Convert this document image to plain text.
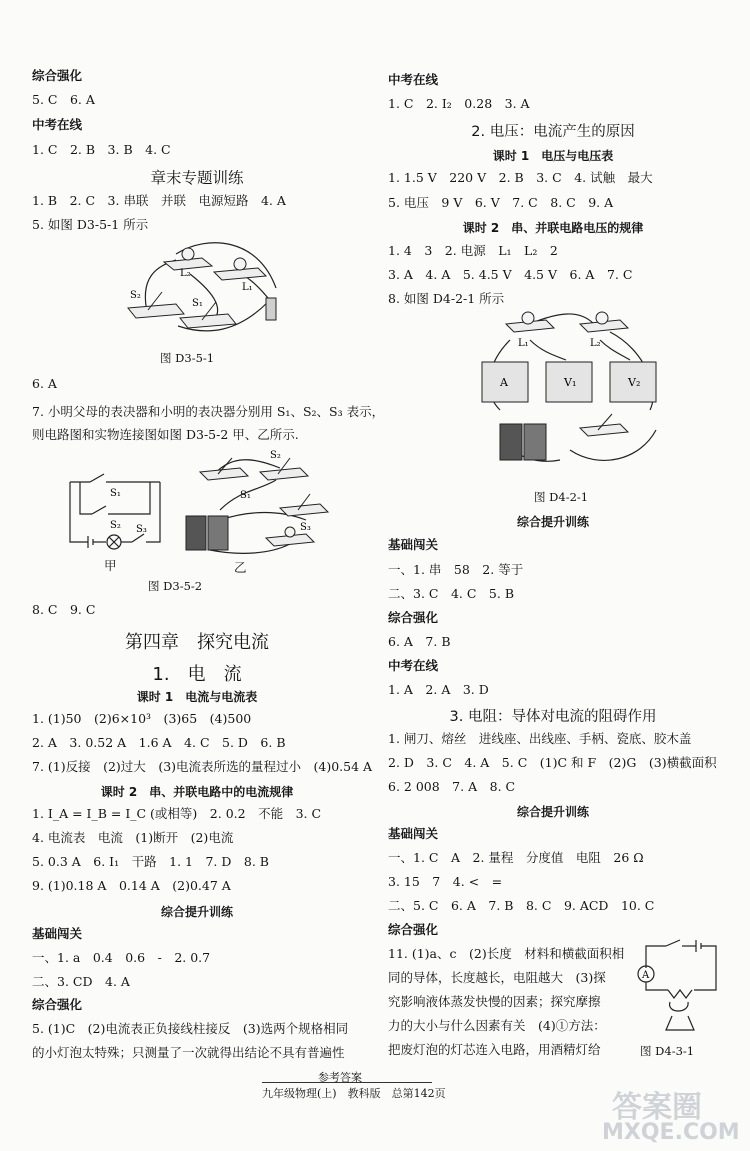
综合强化
5. C　6. A
中考在线
1. C　2. B　3. B　4. C
章末专题训练
1. B　2. C　3. 串联　并联　电源短路　4. A
5. 如图 D3-5-1 所示
L₂
L₁
S₂
S₁
图 D3-5-1
6. A
7. 小明父母的表决器和小明的表决器分别用 S₁、S₂、S₃ 表示，
则电路图和实物连接图如图 D3-5-2 甲、乙所示.
S₁
S₂ S₃
甲
S₁
S₂
S₃
乙
图 D3-5-2
8. C　9. C
第四章　探究电流
1.　电　流
课时 1　电流与电流表
1. (1)50　(2)6×10³　(3)65　(4)500
2. A　3. 0.52 A　1.6 A　4. C　5. D　6. B
7. (1)反接　(2)过大　(3)电流表所选的量程过小　(4)0.54 A
课时 2　串、并联电路中的电流规律
1. I_A = I_B = I_C (或相等)　2. 0.2　不能　3. C
4. 电流表　电流　(1)断开　(2)电流
5. 0.3 A　6. I₁　干路　1. 1　7. D　8. B
9. (1)0.18 A　0.14 A　(2)0.47 A
综合提升训练
基础闯关
一、1. a　0.4　0.6　-　2. 0.7
二、3. CD　4. A
综合强化
5. (1)C　(2)电流表正负接线柱接反　(3)选两个规格相同
的小灯泡太特殊；只测量了一次就得出结论不具有普遍性
中考在线
1. C　2. I₂　0.28　3. A
2. 电压：电流产生的原因
课时 1　电压与电压表
1. 1.5 V　220 V　2. B　3. C　4. 试触　最大
5. 电压　9 V　6. V　7. C　8. C　9. A
课时 2　串、并联电路电压的规律
1. 4　3　2. 电源　L₁　L₂　2
3. A　4. A　5. 4.5 V　4.5 V　6. A　7. C
8. 如图 D4-2-1 所示
L₁	L₂
A	V₁	V₂
图 D4-2-1
综合提升训练
基础闯关
一、1. 串　58　2. 等于
二、3. C　4. C　5. B
综合强化
6. A　7. B
中考在线
1. A　2. A　3. D
3. 电阻：导体对电流的阻碍作用
1. 闸刀、熔丝　进线座、出线座、手柄、瓷底、胶木盖
2. D　3. C　4. A　5. C　(1)C 和 F　(2)G　(3)横截面积
6. 2 008　7. A　8. C
综合提升训练
基础闯关
一、1. C　A　2. 量程　分度值　电阻　26 Ω
3. 15　7　4. <　=
二、5. C　6. A　7. B　8. C　9. ACD　10. C
综合强化
11. (1)a、c　(2)长度　材料和横截面积相
同的导体，长度越长，电阻越大　(3)探
究影响液体蒸发快慢的因素；探究摩擦
力的大小与什么因素有关　(4)①方法：
把废灯泡的灯芯连入电路，用酒精灯给
A
图 D4-3-1
参考答案
九年级物理(上)　教科版　总第142页	答案圈
MXQE.COM
